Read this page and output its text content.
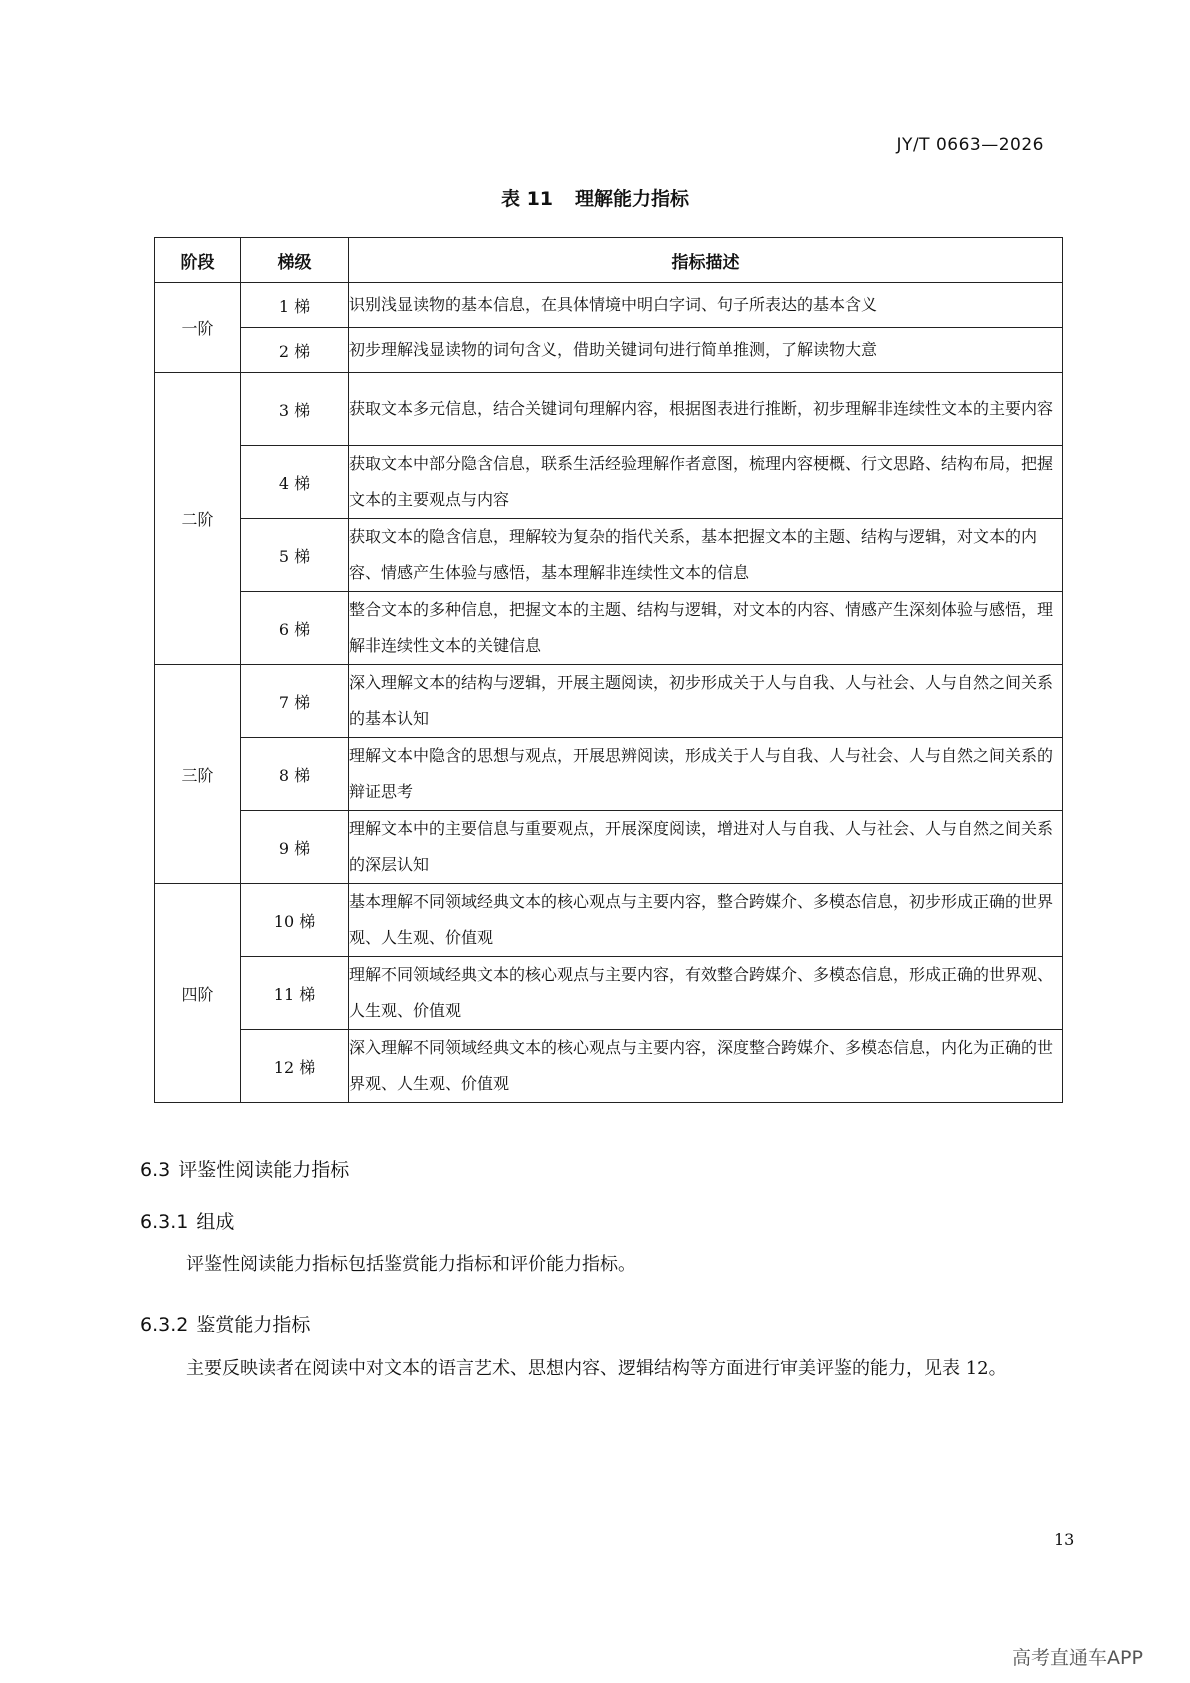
JY/T 0663—2026
表 11 理解能力指标
阶段	梯级	指标描述
一阶	1 梯	识别浅显读物的基本信息，在具体情境中明白字词、句子所表达的基本含义
	2 梯	初步理解浅显读物的词句含义，借助关键词句进行简单推测，了解读物大意
二阶	3 梯	获取文本多元信息，结合关键词句理解内容，根据图表进行推断，初步理解非连续性文本的主要内容
	4 梯	获取文本中部分隐含信息，联系生活经验理解作者意图，梳理内容梗概、行文思路、结构布局，把握文本的主要观点与内容
	5 梯	获取文本的隐含信息，理解较为复杂的指代关系，基本把握文本的主题、结构与逻辑，对文本的内容、情感产生体验与感悟，基本理解非连续性文本的信息
	6 梯	整合文本的多种信息，把握文本的主题、结构与逻辑，对文本的内容、情感产生深刻体验与感悟，理解非连续性文本的关键信息
三阶	7 梯	深入理解文本的结构与逻辑，开展主题阅读，初步形成关于人与自我、人与社会、人与自然之间关系的基本认知
	8 梯	理解文本中隐含的思想与观点，开展思辨阅读，形成关于人与自我、人与社会、人与自然之间关系的辩证思考
	9 梯	理解文本中的主要信息与重要观点，开展深度阅读，增进对人与自我、人与社会、人与自然之间关系的深层认知
四阶	10 梯	基本理解不同领域经典文本的核心观点与主要内容，整合跨媒介、多模态信息，初步形成正确的世界观、人生观、价值观
	11 梯	理解不同领域经典文本的核心观点与主要内容，有效整合跨媒介、多模态信息，形成正确的世界观、人生观、价值观
	12 梯	深入理解不同领域经典文本的核心观点与主要内容，深度整合跨媒介、多模态信息，内化为正确的世界观、人生观、价值观
6.3 评鉴性阅读能力指标
6.3.1 组成
评鉴性阅读能力指标包括鉴赏能力指标和评价能力指标。
6.3.2 鉴赏能力指标
主要反映读者在阅读中对文本的语言艺术、思想内容、逻辑结构等方面进行审美评鉴的能力，见表 12。
13
高考直通车APP
